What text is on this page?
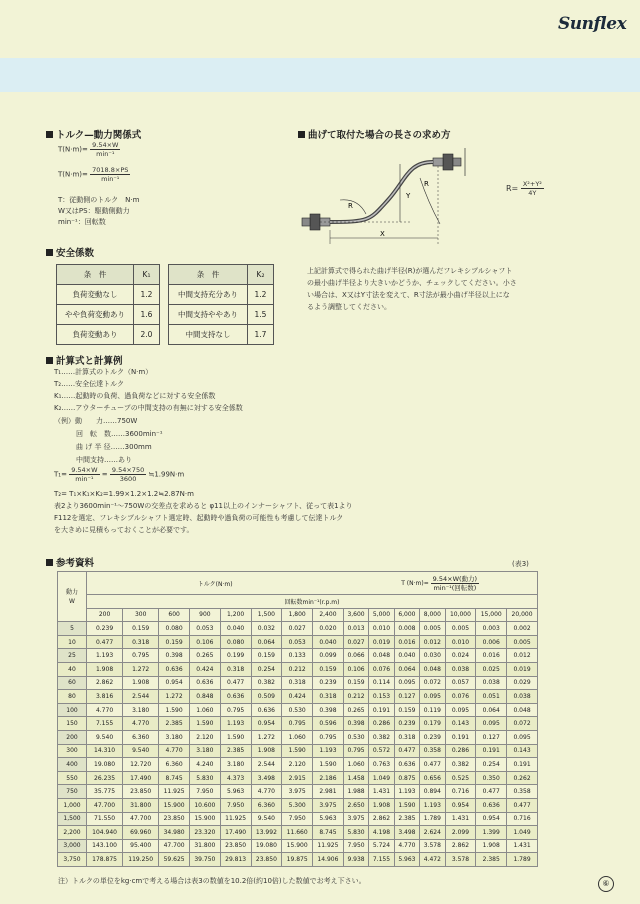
Sunflex
トルク—動力関係式
$T(N\cdot m)= \frac{9.54\times W}{\text{min⁻¹}}$
$T(N\cdot m)= \frac{7018.8\times PS}{\text{min⁻¹}}$
T：従動側のトルク　N·m
W又はPS：駆動側動力
min⁻¹：回転数
曲げて取付た場合の長さの求め方
R
R
Y
X
$R= \frac{\text{X²+Y²}}{4Y}$
上記計算式で得られた曲げ半径(R)が選んだフレキシブルシャフト
の最小曲げ半径より大きいかどうか、チェックしてください。小さ
い場合は、X又はY寸法を変えて、R寸法が最小曲げ半径以上にな
るよう調整してください。
安全係数
条　件	K₁
負荷変動なし	1.2
やや負荷変動あり	1.6
負荷変動あり	2.0
条　件	K₂
中間支持充分あり	1.2
中間支持ややあり	1.5
中間支持なし	1.7
計算式と計算例
T₁……計算式のトルク（N·m）
T₂……安全伝達トルク
K₁……起動時の負荷、過負荷などに対する安全係数
K₂……アウターチューブの中間支持の有無に対する安全係数
（例）動　　力……750W
回　転　数……3600min⁻¹
曲 げ 半 径……300mm
中間支持……あり
$T_1= \frac{9.54\times W}{\text{min⁻¹}} = \frac{9.54\times 750}{3600}$ ≒1.99N·m
T₂= T₁×K₁×K₂=1.99×1.2×1.2≒2.87N·m
表2より3600min⁻¹〜750Wの交差点を求めると φ11以上のインナーシャフト、従って表1より
F112を選定、フレキシブルシャフト選定時、起動時や過負荷の可能性も考慮して伝達トルク
を大きめに見積もっておくことが必要です。
参考資料	(表3)
動力
W	トルク(N·m)								T $(N\cdot m)= \frac{\text{9.54×W(動力)}}{\text{min⁻¹(回転数)}}$

	回転数min⁻¹(r.p.m)														
	200	300	600	900	1,200	1,500	1,800	2,400	3,600	5,000	6,000	8,000	10,000	15,000	20,000
5	0.239	0.159	0.080	0.053	0.040	0.032	0.027	0.020	0.013	0.010	0.008	0.005	0.005	0.003	0.002
10	0.477	0.318	0.159	0.106	0.080	0.064	0.053	0.040	0.027	0.019	0.016	0.012	0.010	0.006	0.005
25	1.193	0.795	0.398	0.265	0.199	0.159	0.133	0.099	0.066	0.048	0.040	0.030	0.024	0.016	0.012
40	1.908	1.272	0.636	0.424	0.318	0.254	0.212	0.159	0.106	0.076	0.064	0.048	0.038	0.025	0.019
60	2.862	1.908	0.954	0.636	0.477	0.382	0.318	0.239	0.159	0.114	0.095	0.072	0.057	0.038	0.029
80	3.816	2.544	1.272	0.848	0.636	0.509	0.424	0.318	0.212	0.153	0.127	0.095	0.076	0.051	0.038
100	4.770	3.180	1.590	1.060	0.795	0.636	0.530	0.398	0.265	0.191	0.159	0.119	0.095	0.064	0.048
150	7.155	4.770	2.385	1.590	1.193	0.954	0.795	0.596	0.398	0.286	0.239	0.179	0.143	0.095	0.072
200	9.540	6.360	3.180	2.120	1.590	1.272	1.060	0.795	0.530	0.382	0.318	0.239	0.191	0.127	0.095
300	14.310	9.540	4.770	3.180	2.385	1.908	1.590	1.193	0.795	0.572	0.477	0.358	0.286	0.191	0.143
400	19.080	12.720	6.360	4.240	3.180	2.544	2.120	1.590	1.060	0.763	0.636	0.477	0.382	0.254	0.191
550	26.235	17.490	8.745	5.830	4.373	3.498	2.915	2.186	1.458	1.049	0.875	0.656	0.525	0.350	0.262
750	35.775	23.850	11.925	7.950	5.963	4.770	3.975	2.981	1.988	1.431	1.193	0.894	0.716	0.477	0.358
1,000	47.700	31.800	15.900	10.600	7.950	6.360	5.300	3.975	2.650	1.908	1.590	1.193	0.954	0.636	0.477
1,500	71.550	47.700	23.850	15.900	11.925	9.540	7.950	5.963	3.975	2.862	2.385	1.789	1.431	0.954	0.716
2,200	104.940	69.960	34.980	23.320	17.490	13.992	11.660	8.745	5.830	4.198	3.498	2.624	2.099	1.399	1.049
3,000	143.100	95.400	47.700	31.800	23.850	19.080	15.900	11.925	7.950	5.724	4.770	3.578	2.862	1.908	1.431
3,750	178.875	119.250	59.625	39.750	29.813	23.850	19.875	14.906	9.938	7.155	5.963	4.472	3.578	2.385	1.789
注）トルクの単位をkg·cmで考える場合は表3の数値を10.2倍(約10倍)した数値でお考え下さい。	⑥
